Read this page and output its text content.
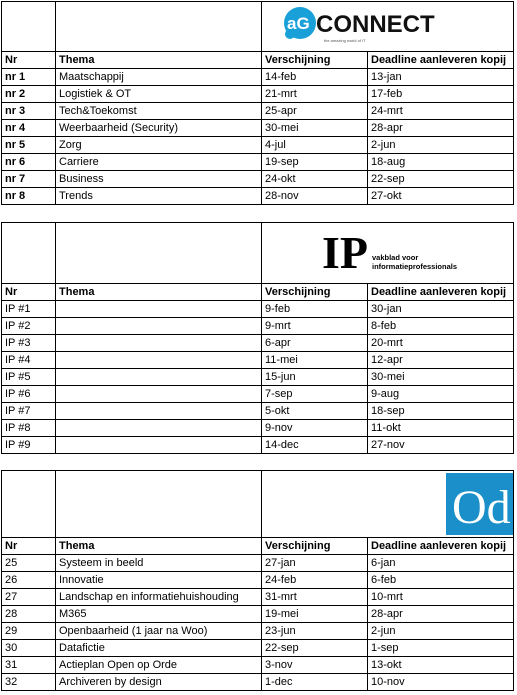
Nr	Thema	Verschijning	Deadline aanleveren kopij
nr 1	Maatschappij	14-feb	13-jan
nr 2	Logistiek & OT	21-mrt	17-feb
nr 3	Tech&Toekomst	25-apr	24-mrt
nr 4	Weerbaarheid (Security)	30-mei	28-apr
nr 5	Zorg	4-jul	2-jun
nr 6	Carriere	19-sep	18-aug
nr 7	Business	24-okt	22-sep
nr 8	Trends	28-nov	27-okt
aG CONNECT
the amazing world of IT

Nr	Thema	Verschijning	Deadline aanleveren kopij
IP #1		9-feb	30-jan
IP #2		9-mrt	8-feb
IP #3		6-apr	20-mrt
IP #4		11-mei	12-apr
IP #5		15-jun	30-mei
IP #6		7-sep	9-aug
IP #7		5-okt	18-sep
IP #8		9-nov	11-okt
IP #9		14-dec	27-nov
IP vakblad voor
informatieprofessionals

Nr	Thema	Verschijning	Deadline aanleveren kopij
25	Systeem in beeld	27-jan	6-jan
26	Innovatie	24-feb	6-feb
27	Landschap en informatiehuishouding	31-mrt	10-mrt
28	M365	19-mei	28-apr
29	Openbaarheid (1 jaar na Woo)	23-jun	2-jun
30	Datafictie	22-sep	1-sep
31	Actieplan Open op Orde	3-nov	13-okt
32	Archiveren by design	1-dec	10-nov
Od
